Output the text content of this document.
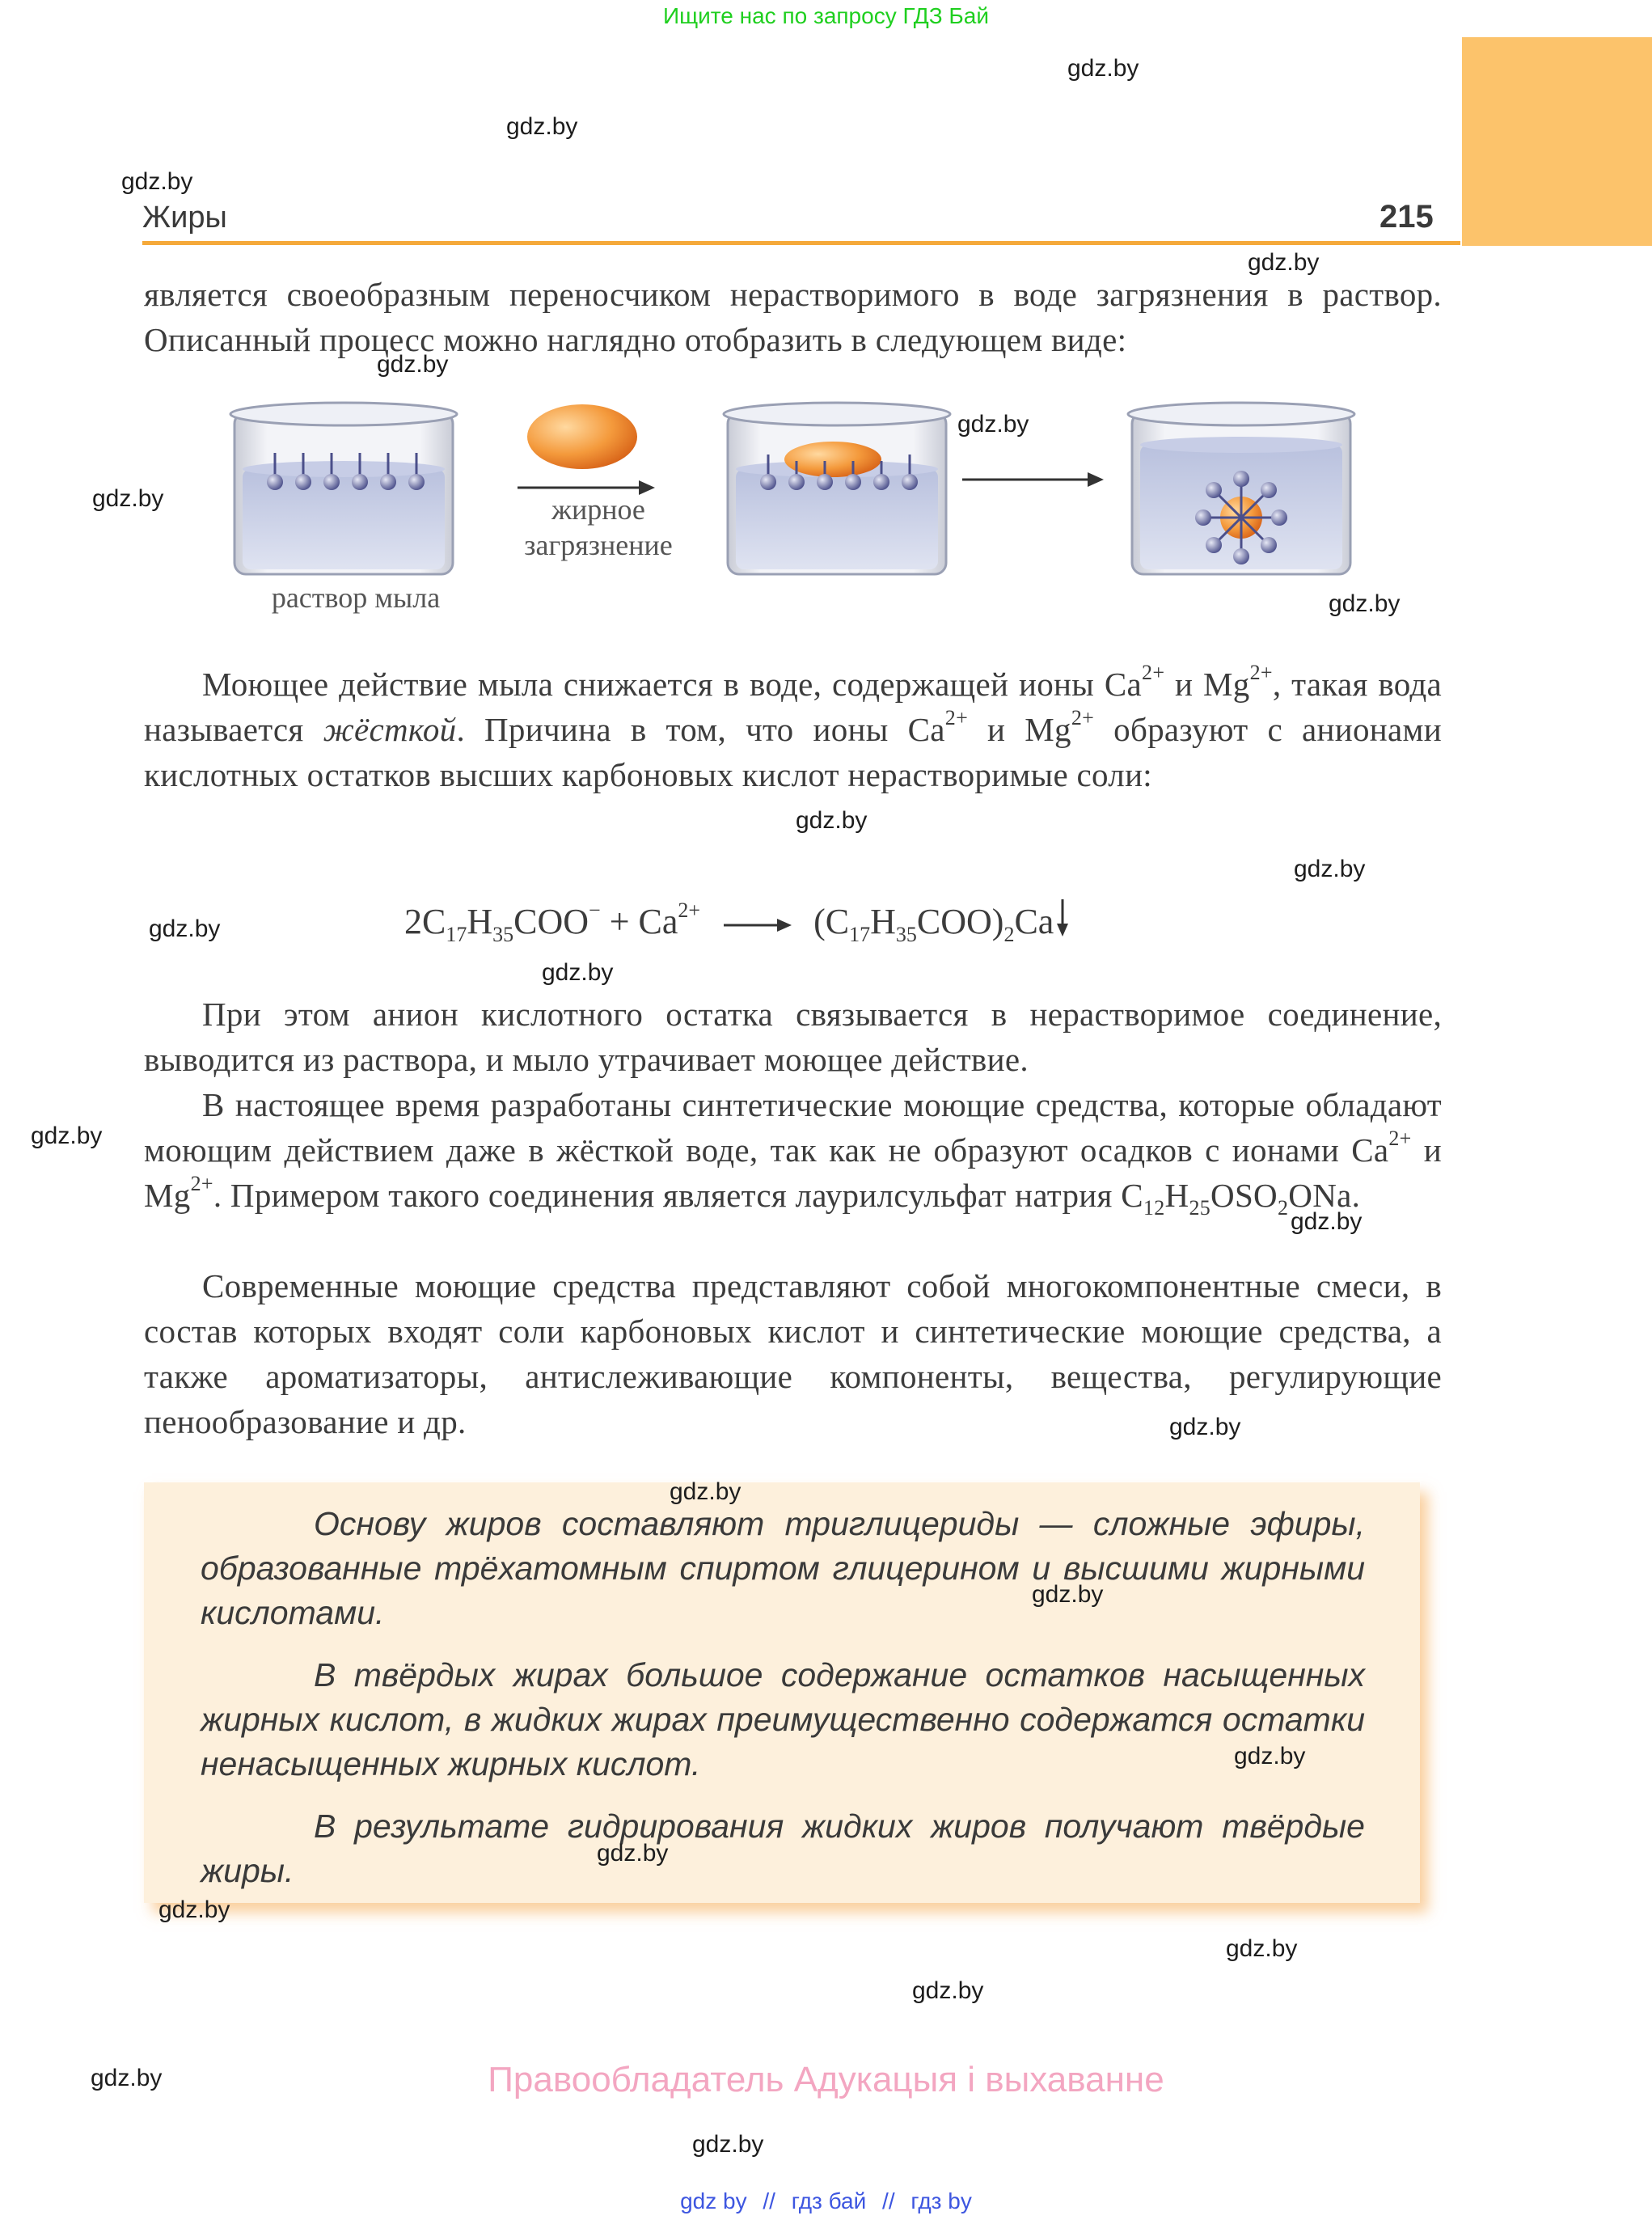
Ищите нас по запросу ГДЗ Бай
Жиры	215
gdz.by
gdz.by
gdz.by
gdz.by
gdz.by
gdz.by
gdz.by
gdz.by
gdz.by
gdz.by
gdz.by
gdz.by
gdz.by
gdz.by
gdz.by
gdz.by
gdz.by
gdz.by
gdz.by
gdz.by
gdz.by
gdz.by
gdz.by
gdz.by

является своеобразным переносчиком нерастворимого в воде загрязнения в раствор. Описанный процесс можно наглядно отобразить в следующем виде:

раствор мыла
жирное
загрязнение

Моющее действие мыла снижается в воде, содержащей ионы $Ca^{2+}$ и $Mg^{2+}$, такая вода называется жёсткой. Причина в том, что ионы $Ca^{2+}$ и $Mg^{2+}$ образуют с анионами кислотных остатков высших карбоновых кислот нерастворимые соли:

$2C_{17}H_{35}COO^- + Ca^{2+} \to (C_{17}H_{35}COO)_2Ca$

При этом анион кислотного остатка связывается в нерастворимое соединение, выводится из раствора, и мыло утрачивает моющее действие.

В настоящее время разработаны синтетические моющие средства, которые обладают моющим действием даже в жёсткой воде, так как не образуют осадков с ионами $Ca^{2+}$ и $Mg^{2+}$. Примером такого соединения является лаурилсульфат натрия $C_{12}H_{25}OSO_2ONa$.

Современные моющие средства представляют собой многокомпонентные смеси, в состав которых входят соли карбоновых кислот и синтетические моющие средства, а также ароматизаторы, антислеживающие компоненты, вещества, регулирующие пенообразование и др.

Основу жиров составляют триглицериды — сложные эфиры, образованные трёхатомным спиртом глицерином и высшими жирными кислотами.

В твёрдых жирах большое содержание остатков насыщенных жирных кислот, в жидких жирах преимущественно содержатся остатки ненасыщенных жирных кислот.

В результате гидрирования жидких жиров получают твёрдые жиры.

Правообладатель Адукацыя і выхаванне
gdz by // гдз бай // гдз by
